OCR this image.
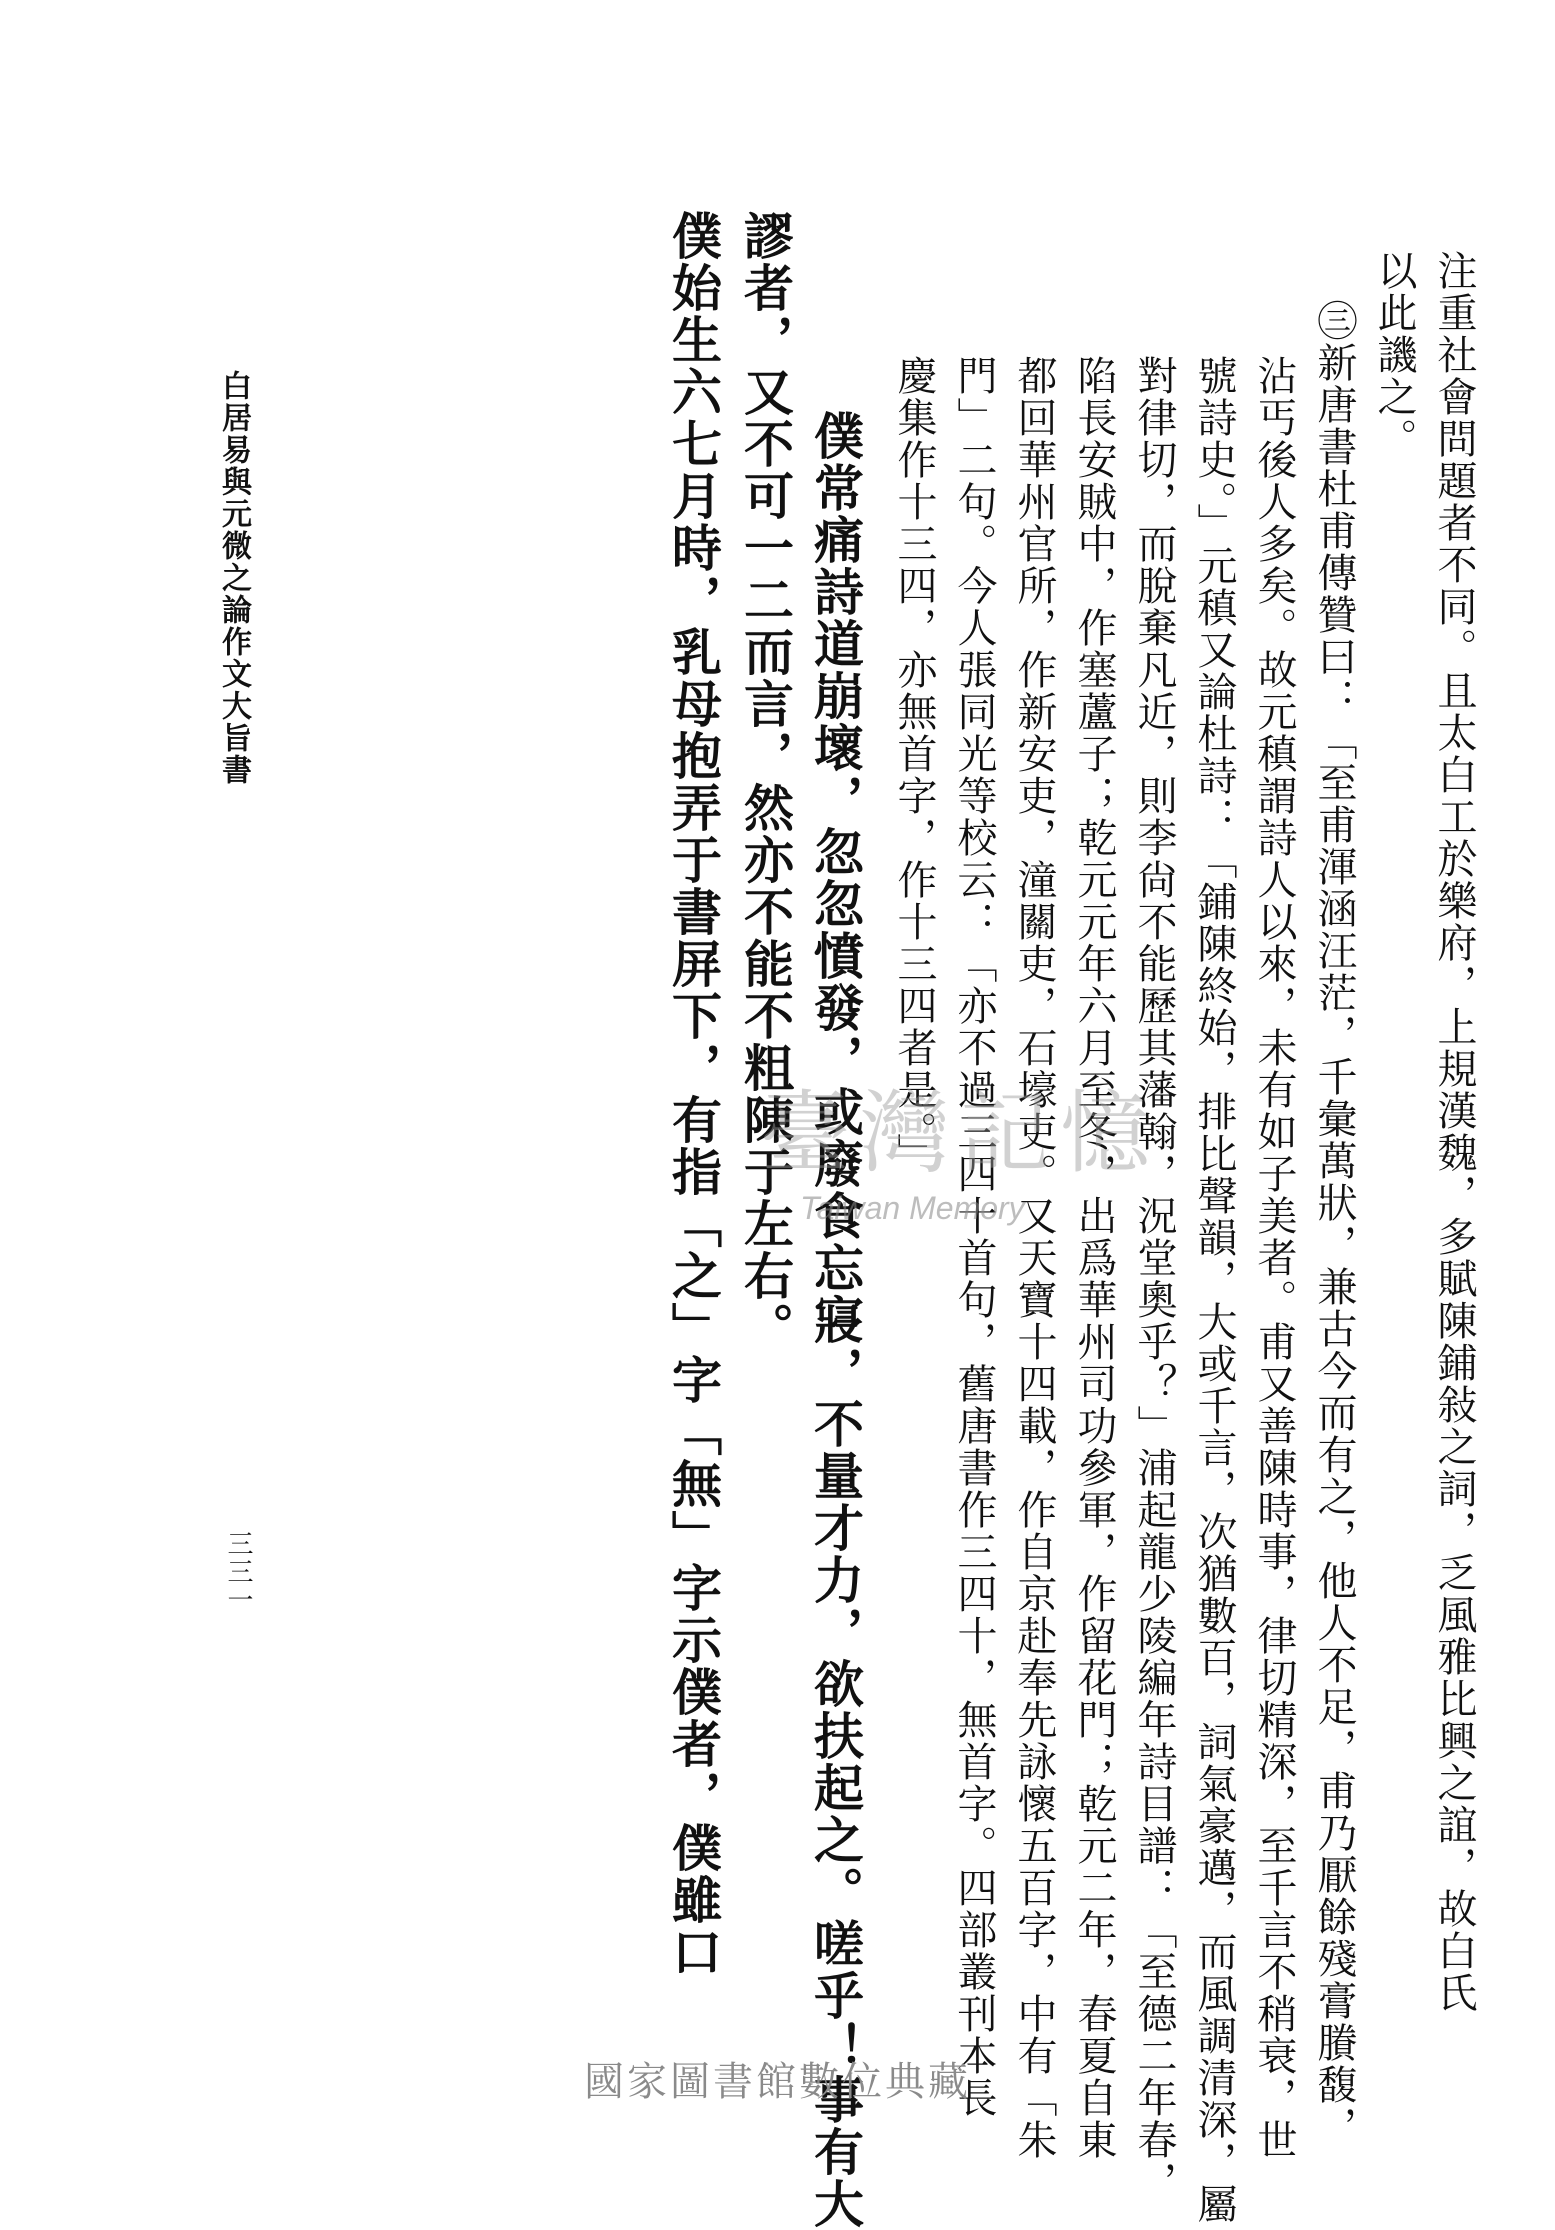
注重社會問題者不同。且太白工於樂府，上規漢魏，多賦陳鋪敍之詞，乏風雅比興之誼，故白氏
以此譏之。
㊂新唐書杜甫傳贊曰：「至甫渾涵汪茫，千彙萬狀，兼古今而有之，他人不足，甫乃厭餘殘膏賸馥，
沾丐後人多矣。故元稹謂詩人以來，未有如子美者。甫又善陳時事，律切精深，至千言不稍衰，世
號詩史。」元稹又論杜詩：「鋪陳終始，排比聲韻，大或千言，次猶數百，詞氣豪邁，而風調清深，屬
對律切，而脫棄凡近，則李尙不能歷其藩翰，況堂奧乎？」浦起龍少陵編年詩目譜：「至德二年春，
陷長安賊中，作塞蘆子；乾元元年六月至冬，出爲華州司功參軍，作留花門；乾元二年，春夏自東
都回華州官所，作新安吏，潼關吏，石壕吏。又天寶十四載，作自京赴奉先詠懷五百字，中有「朱
門」二句。今人張同光等校云：「亦不過三四十首句，舊唐書作三四十，無首字。四部叢刊本長
慶集作十三四，亦無首字，作十三四者是。」
僕常痛詩道崩壞，忽忽憤發，或廢食忘寢，不量才力，欲扶起之。嗟乎！事有大
謬者，又不可一二而言，然亦不能不粗陳于左右。
僕始生六七月時，乳母抱弄于書屏下，有指「之」字「無」字示僕者，僕雖口
白居易與元微之論作文大旨書
三三一
臺灣記憶
Taiwan Memory
國家圖書館數位典藏
